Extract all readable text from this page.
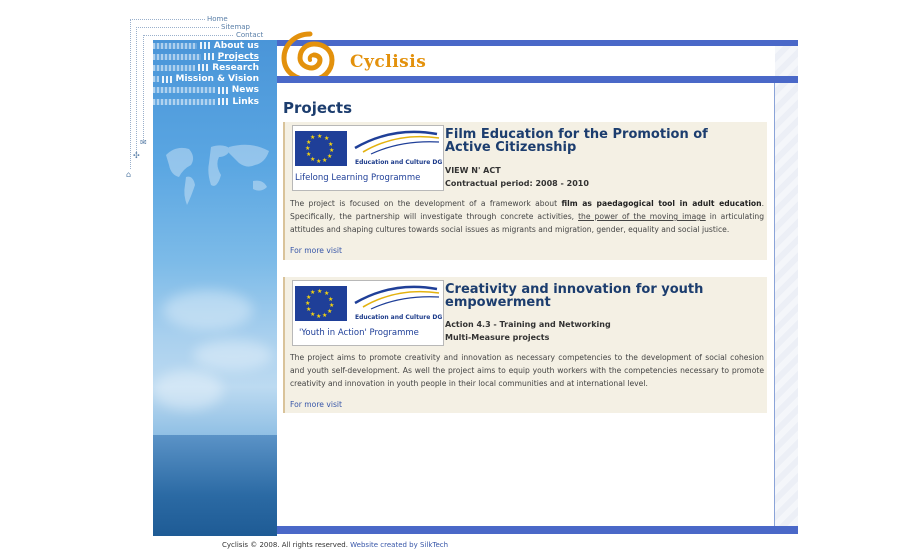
Home
Sitemap
Contact
✉
✣
⌂
About us
Projects
Research
Mission & Vision
News
Links
Cyclisis
Projects
★ ★
★
★
★
★
★
★
★
★
★
★
Education and Culture DG
Lifelong Learning Programme
Film Education for the Promotion of Active Citizenship
VIEW N' ACT
Contractual period: 2008 - 2010
The project is focused on the development of a framework about film as paedagogical tool in adult education. Specifically, the partnership will investigate through concrete activities, the power of the moving image in articulating attitudes and shaping cultures towards social issues as migrants and migration, gender, equality and social justice.
For more visit
★ ★
★
★
★
★
★
★
★
★
★
★
Education and Culture DG
'Youth in Action' Programme
Creativity and innovation for youth empowerment
Action 4.3 - Training and Networking
Multi-Measure projects
The project aims to promote creativity and innovation as necessary competencies to the development of social cohesion and youth self-development. As well the project aims to equip youth workers with the competencies necessary to promote creativity and innovation in youth people in their local communities and at international level.
For more visit
Cyclisis © 2008. All rights reserved. Website created by SilkTech
